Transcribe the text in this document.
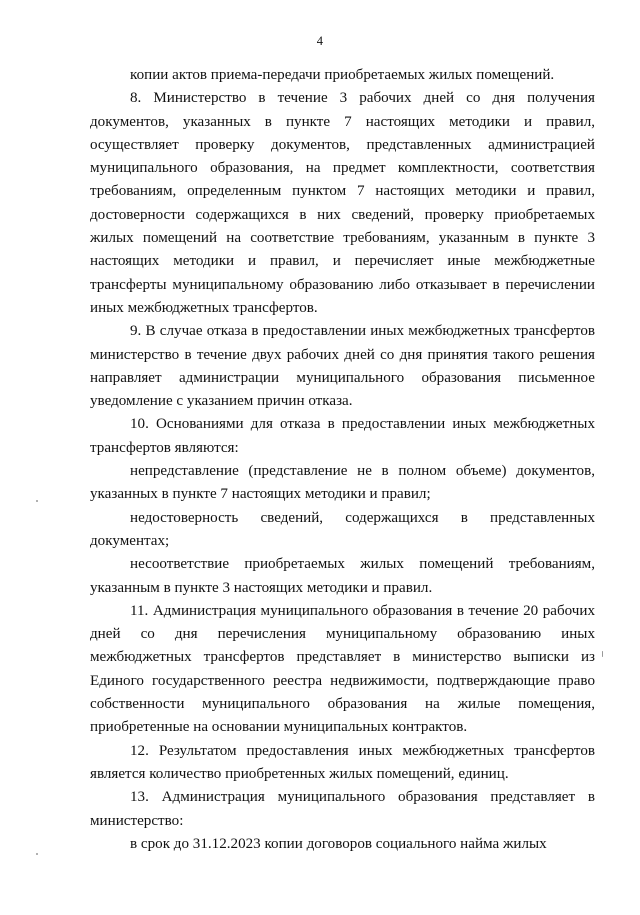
4

копии актов приема-передачи приобретаемых жилых помещений.

8. Министерство в течение 3 рабочих дней со дня получения документов, указанных в пункте 7 настоящих методики и правил, осуществляет проверку документов, представленных администрацией муниципального образования, на предмет комплектности, соответствия требованиям, определенным пунктом 7 настоящих методики и правил, достоверности содержащихся в них сведений, проверку приобретаемых жилых помещений на соответствие требованиям, указанным в пункте 3 настоящих методики и правил, и перечисляет иные межбюджетные трансферты муниципальному образованию либо отказывает в перечислении иных межбюджетных трансфертов.

9. В случае отказа в предоставлении иных межбюджетных трансфертов министерство в течение двух рабочих дней со дня принятия такого решения направляет администрации муниципального образования письменное уведомление с указанием причин отказа.

10. Основаниями для отказа в предоставлении иных межбюджетных трансфертов являются:

непредставление (представление не в полном объеме) документов, указанных в пункте 7 настоящих методики и правил;

недостоверность сведений, содержащихся в представленных документах;

несоответствие приобретаемых жилых помещений требованиям, указанным в пункте 3 настоящих методики и правил.

11. Администрация муниципального образования в течение 20 рабочих дней со дня перечисления муниципальному образованию иных межбюджетных трансфертов представляет в министерство выписки из Единого государственного реестра недвижимости, подтверждающие право собственности муниципального образования на жилые помещения, приобретенные на основании муниципальных контрактов.

12. Результатом предоставления иных межбюджетных трансфертов является количество приобретенных жилых помещений, единиц.

13. Администрация муниципального образования представляет в министерство:

в срок до 31.12.2023 копии договоров социального найма жилых
